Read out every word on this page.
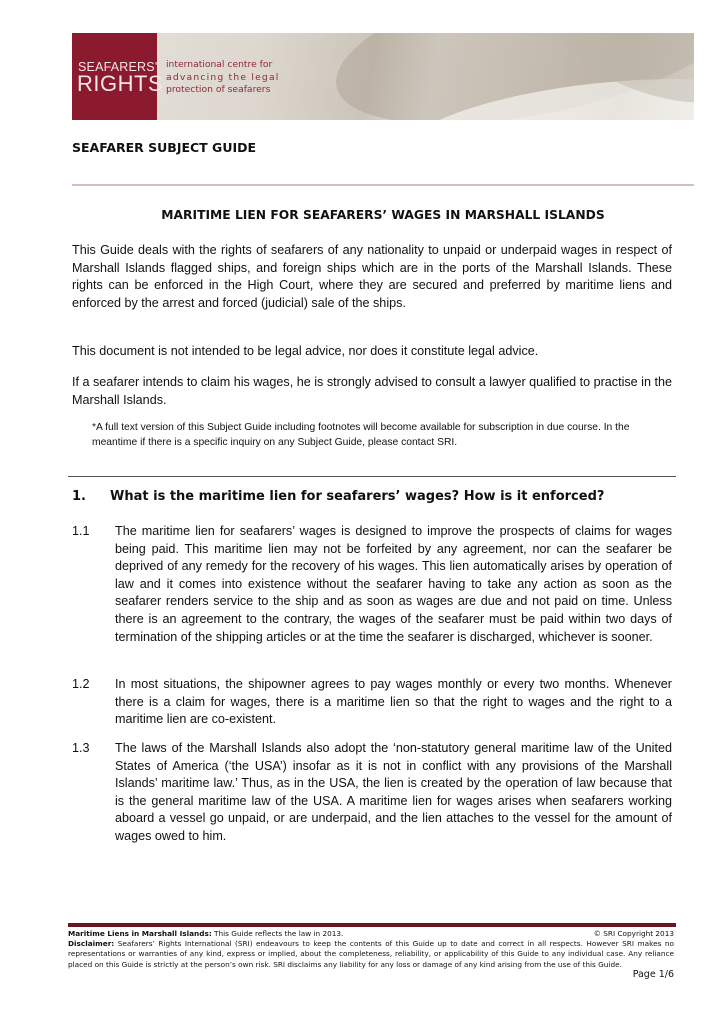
SEAFARERS'
RIGHTS
international centre for
advancing the legal
protection of seafarers
SEAFARER SUBJECT GUIDE
MARITIME LIEN FOR SEAFARERS’ WAGES IN MARSHALL ISLANDS
This Guide deals with the rights of seafarers of any nationality to unpaid or underpaid wages in respect of Marshall Islands flagged ships, and foreign ships which are in the ports of the Marshall Islands. These rights can be enforced in the High Court, where they are secured and preferred by maritime liens and enforced by the arrest and forced (judicial) sale of the ships.
This document is not intended to be legal advice, nor does it constitute legal advice.
If a seafarer intends to claim his wages, he is strongly advised to consult a lawyer qualified to practise in the Marshall Islands.
*A full text version of this Subject Guide including footnotes will become available for subscription in due course. In the meantime if there is a specific inquiry on any Subject Guide, please contact SRI.
1. What is the maritime lien for seafarers’ wages? How is it enforced?
1.1	The maritime lien for seafarers’ wages is designed to improve the prospects of claims for wages being paid. This maritime lien may not be forfeited by any agreement, nor can the seafarer be deprived of any remedy for the recovery of his wages. This lien automatically arises by operation of law and it comes into existence without the seafarer having to take any action as soon as the seafarer renders service to the ship and as soon as wages are due and not paid on time. Unless there is an agreement to the contrary, the wages of the seafarer must be paid within two days of termination of the shipping articles or at the time the seafarer is discharged, whichever is sooner.
1.2	In most situations, the shipowner agrees to pay wages monthly or every two months. Whenever there is a claim for wages, there is a maritime lien so that the right to wages and the right to a maritime lien are co-existent.
1.3	The laws of the Marshall Islands also adopt the ‘non-statutory general maritime law of the United States of America (‘the USA’) insofar as it is not in conflict with any provisions of the Marshall Islands’ maritime law.’ Thus, as in the USA, the lien is created by the operation of law because that is the general maritime law of the USA. A maritime lien for wages arises when seafarers working aboard a vessel go unpaid, or are underpaid, and the lien attaches to the vessel for the amount of wages owed to him.
Maritime Liens in Marshall Islands: This Guide reflects the law in 2013.	© SRI Copyright 2013
Disclaimer: Seafarers’ Rights International (SRI) endeavours to keep the contents of this Guide up to date and correct in all respects. However SRI makes no representations or warranties of any kind, express or implied, about the completeness, reliability, or applicability of this Guide to any individual case. Any reliance placed on this Guide is strictly at the person’s own risk. SRI disclaims any liability for any loss or damage of any kind arising from the use of this Guide.
Page 1/6
